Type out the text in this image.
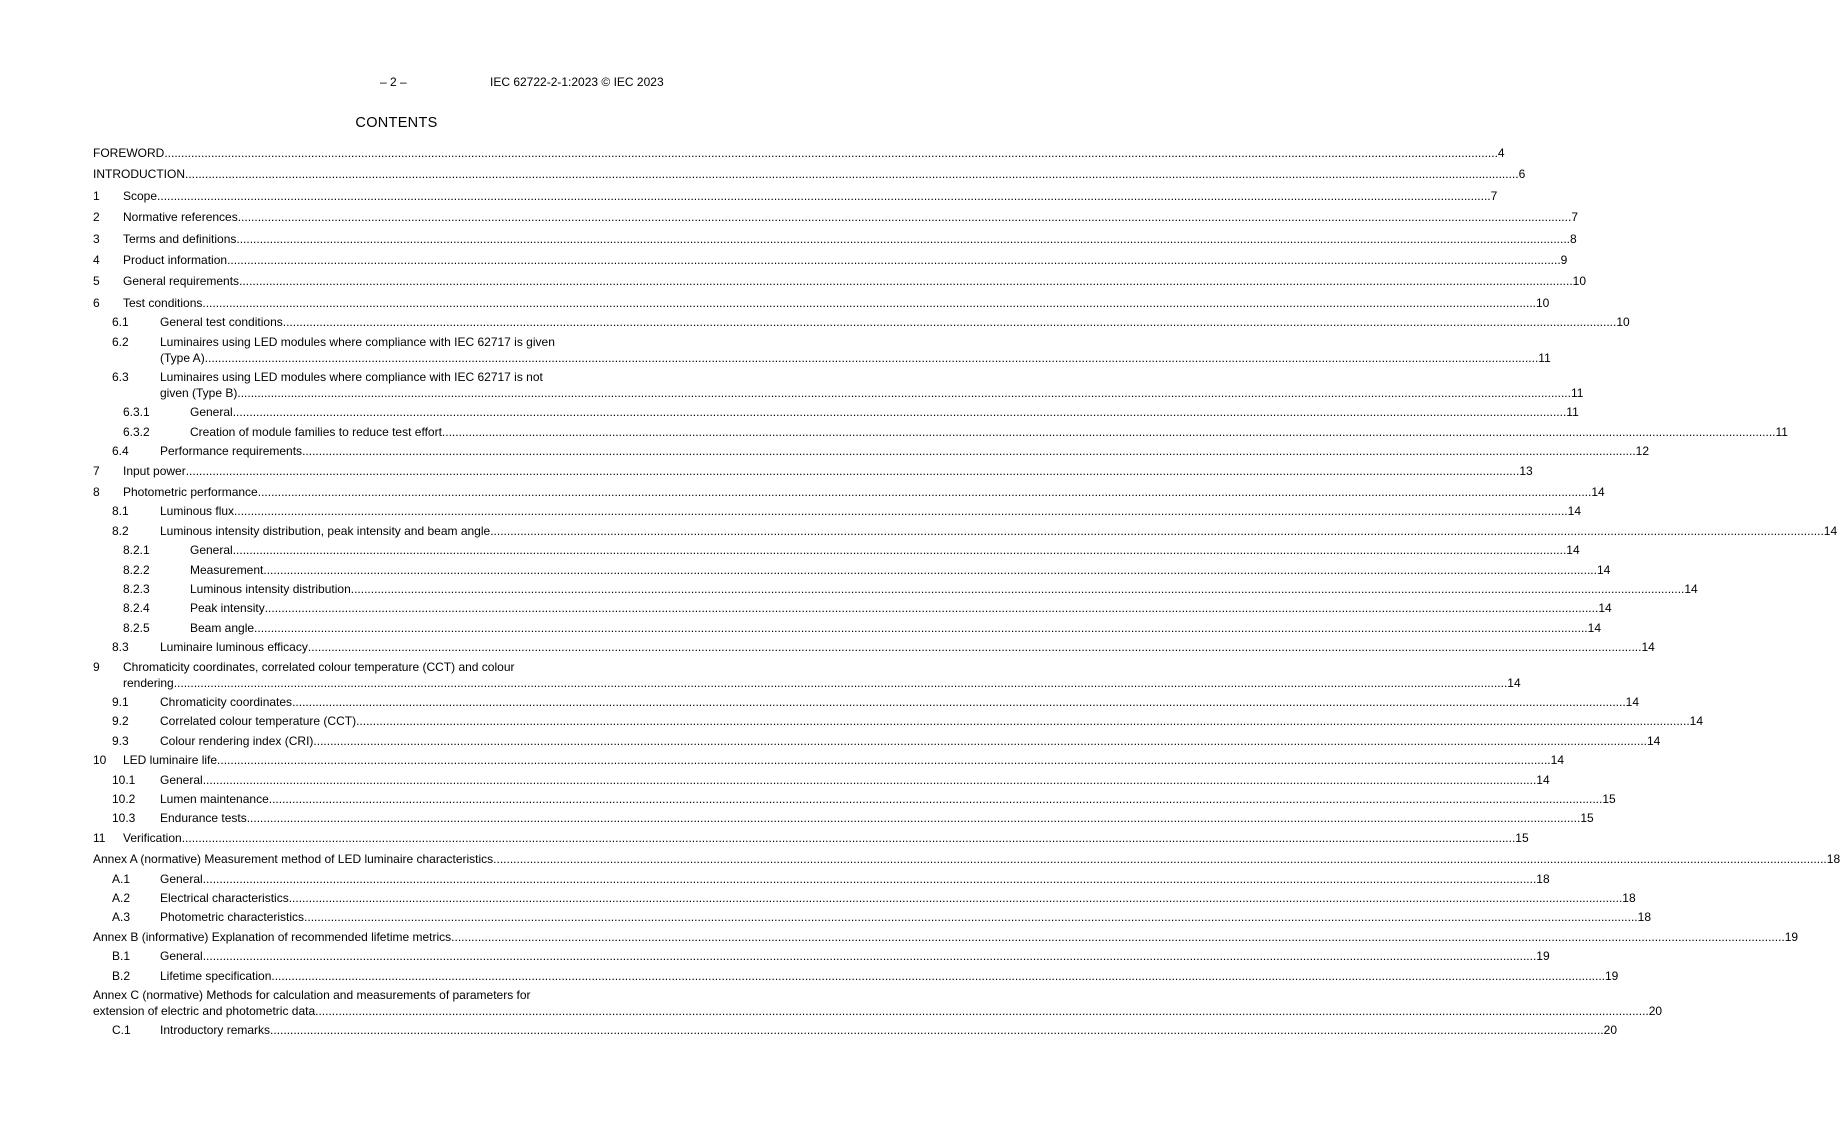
– 2 –	IEC 62722-2-1:2023 © IEC 2023
CONTENTS
FOREWORD ................................................................................................................................................................................................................................................................................................................................................................................................................ 4
INTRODUCTION ................................................................................................................................................................................................................................................................................................................................................................................................................ 6
1 Scope ................................................................................................................................................................................................................................................................................................................................................................................................................ 7
2 Normative references ................................................................................................................................................................................................................................................................................................................................................................................................................ 7
3 Terms and definitions ................................................................................................................................................................................................................................................................................................................................................................................................................ 8
4 Product information ................................................................................................................................................................................................................................................................................................................................................................................................................ 9
5 General requirements ................................................................................................................................................................................................................................................................................................................................................................................................................ 10
6 Test conditions ................................................................................................................................................................................................................................................................................................................................................................................................................ 10
6.1	General test conditions ................................................................................................................................................................................................................................................................................................................................................................................................................ 10
6.2	Luminaires using LED modules where compliance with IEC 62717 is given
(Type A) ................................................................................................................................................................................................................................................................................................................................................................................................................ 11
6.3	Luminaires using LED modules where compliance with IEC 62717 is not
given (Type B) ................................................................................................................................................................................................................................................................................................................................................................................................................ 11
6.3.1	General ................................................................................................................................................................................................................................................................................................................................................................................................................ 11
6.3.2	Creation of module families to reduce test effort ................................................................................................................................................................................................................................................................................................................................................................................................................ 11
6.4	Performance requirements ................................................................................................................................................................................................................................................................................................................................................................................................................ 12
7 Input power ................................................................................................................................................................................................................................................................................................................................................................................................................ 13
8 Photometric performance ................................................................................................................................................................................................................................................................................................................................................................................................................ 14
8.1	Luminous flux ................................................................................................................................................................................................................................................................................................................................................................................................................ 14
8.2	Luminous intensity distribution, peak intensity and beam angle ................................................................................................................................................................................................................................................................................................................................................................................................................ 14
8.2.1	General ................................................................................................................................................................................................................................................................................................................................................................................................................ 14
8.2.2	Measurement ................................................................................................................................................................................................................................................................................................................................................................................................................ 14
8.2.3	Luminous intensity distribution ................................................................................................................................................................................................................................................................................................................................................................................................................ 14
8.2.4	Peak intensity ................................................................................................................................................................................................................................................................................................................................................................................................................ 14
8.2.5	Beam angle ................................................................................................................................................................................................................................................................................................................................................................................................................ 14
8.3	Luminaire luminous efficacy ................................................................................................................................................................................................................................................................................................................................................................................................................ 14
9 Chromaticity coordinates, correlated colour temperature (CCT) and colour
rendering ................................................................................................................................................................................................................................................................................................................................................................................................................ 14
9.1	Chromaticity coordinates ................................................................................................................................................................................................................................................................................................................................................................................................................ 14
9.2	Correlated colour temperature (CCT) ................................................................................................................................................................................................................................................................................................................................................................................................................ 14
9.3	Colour rendering index (CRI) ................................................................................................................................................................................................................................................................................................................................................................................................................ 14
10 LED luminaire life ................................................................................................................................................................................................................................................................................................................................................................................................................ 14
10.1 General ................................................................................................................................................................................................................................................................................................................................................................................................................ 14
10.2 Lumen maintenance ................................................................................................................................................................................................................................................................................................................................................................................................................ 15
10.3 Endurance tests ................................................................................................................................................................................................................................................................................................................................................................................................................ 15
11 Verification ................................................................................................................................................................................................................................................................................................................................................................................................................ 15
Annex A (normative) Measurement method of LED luminaire characteristics ................................................................................................................................................................................................................................................................................................................................................................................................................ 18
A.1 General ................................................................................................................................................................................................................................................................................................................................................................................................................ 18
A.2 Electrical characteristics ................................................................................................................................................................................................................................................................................................................................................................................................................ 18
A.3 Photometric characteristics ................................................................................................................................................................................................................................................................................................................................................................................................................ 18
Annex B (informative) Explanation of recommended lifetime metrics ................................................................................................................................................................................................................................................................................................................................................................................................................ 19
B.1 General ................................................................................................................................................................................................................................................................................................................................................................................................................ 19
B.2 Lifetime specification ................................................................................................................................................................................................................................................................................................................................................................................................................ 19
Annex C (normative) Methods for calculation and measurements of parameters for
extension of electric and photometric data ................................................................................................................................................................................................................................................................................................................................................................................................................ 20
C.1 Introductory remarks ................................................................................................................................................................................................................................................................................................................................................................................................................ 20
